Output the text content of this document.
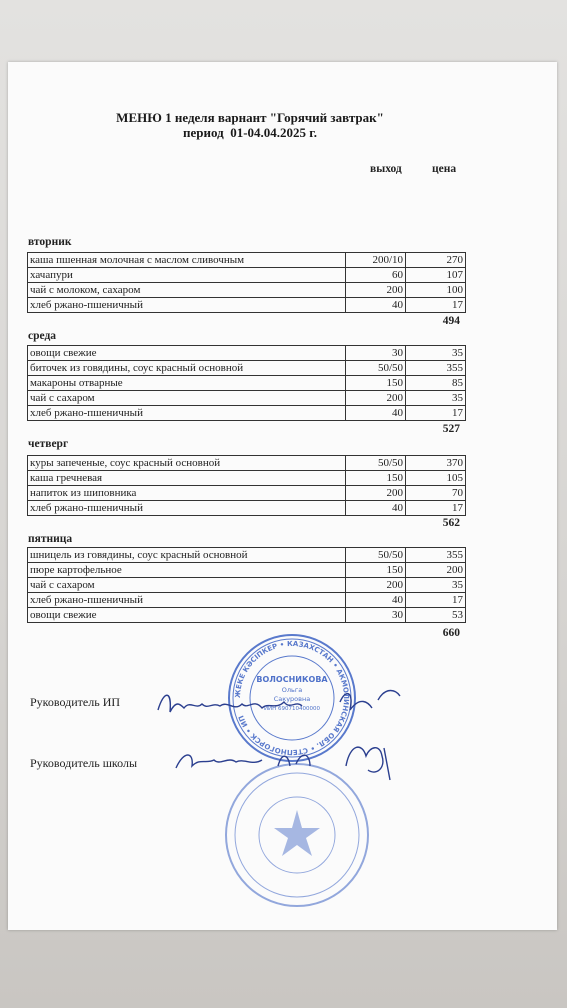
МЕНЮ 1 неделя варнант "Горячий завтрак"
период  01-04.04.2025 г.
выход	цена
вторник
каша пшенная молочная с маслом сливочным	200/10	270
хачапури	60	107
чай с молоком, сахаром	200	100
хлеб ржано-пшеничный	40	17
494
среда
овощи свежие	30	35
биточек из говядины, соус красный основной	50/50	355
макароны отварные	150	85
чай с сахаром	200	35
хлеб ржано-пшеничный	40	17
527
четверг
куры запеченые, соус красный основной	50/50	370
каша гречневая	150	105
напиток из шиповника	200	70
хлеб ржано-пшеничный	40	17
562
пятница
шницель из говядины, соус красный основной	50/50	355
пюре картофельное	150	200
чай с сахаром	200	35
хлеб ржано-пшеничный	40	17
овощи свежие	30	53
660
Руководитель ИП
Руководитель школы
ЖЕКЕ КӘСІПКЕР • КАЗАХСТАН • АКМОЛИНСКАЯ ОБЛ. • СТЕПНОГОРСК • ИП
ВОЛОСНИКОВА
Ольга
Сакуровна
ИИН 690710400000
